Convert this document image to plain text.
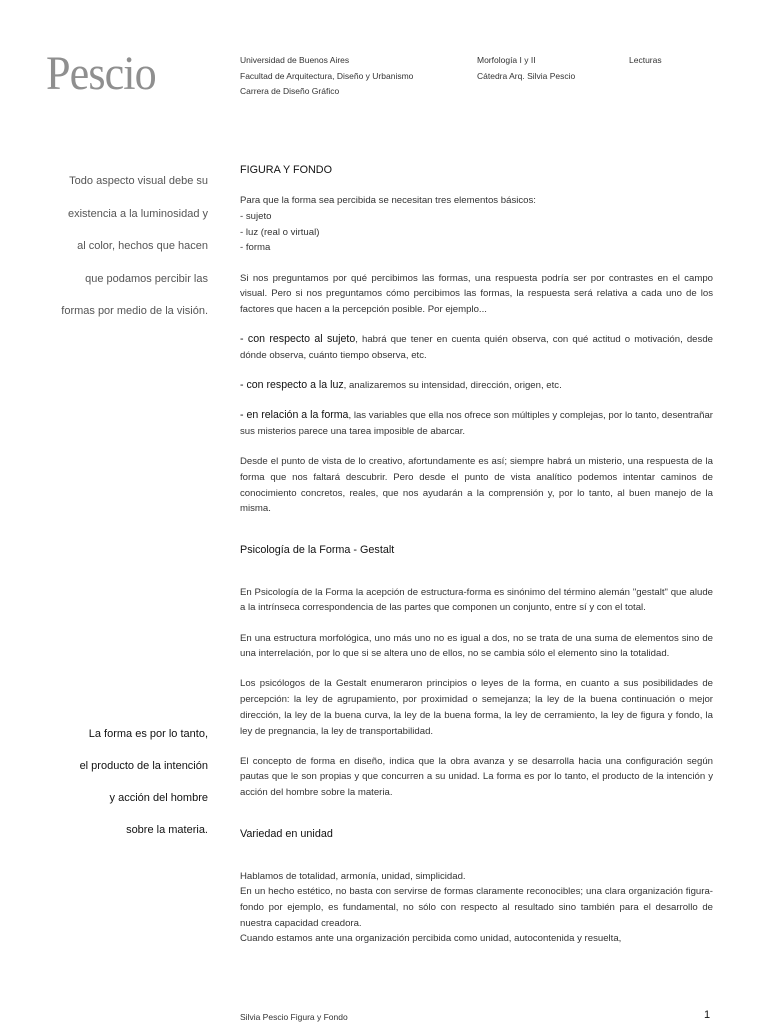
Pescio	Universidad de Buenos Aires
Facultad de Arquitectura, Diseño y Urbanismo
Carrera de Diseño Gráfico
Morfología I y II
Cátedra Arq. Silvia Pescio
Lecturas
Todo aspecto visual debe su
existencia a la luminosidad y
al color, hechos que hacen
que podamos percibir las
formas por medio de la visión.
La forma es por lo tanto,
el producto de la intención
y acción del hombre
sobre la materia.

FIGURA Y FONDO

Para que la forma sea percibida se necesitan tres elementos básicos:

- sujeto

- luz (real o virtual)

- forma

Si nos preguntamos por qué percibimos las formas, una respuesta podría ser por contrastes en el campo visual. Pero si nos preguntamos cómo percibimos las formas, la respuesta será relativa a cada uno de los factores que hacen a la percepción posible. Por ejemplo...

- con respecto al sujeto, habrá que tener en cuenta quién observa, con qué actitud o motivación, desde dónde observa, cuánto tiempo observa, etc.

- con respecto a la luz, analizaremos su intensidad, dirección, origen, etc.

- en relación a la forma, las variables que ella nos ofrece son múltiples y complejas, por lo tanto, desentrañar sus misterios parece una tarea imposible de abarcar.

Desde el punto de vista de lo creativo, afortundamente es así; siempre habrá un misterio, una respuesta de la forma que nos faltará descubrir. Pero desde el punto de vista analítico podemos intentar caminos de conocimiento concretos, reales, que nos ayudarán a la comprensión y, por lo tanto, al buen manejo de la misma.

Psicología de la Forma - Gestalt

En Psicología de la Forma la acepción de estructura-forma es sinónimo del término alemán "gestalt" que alude a la intrínseca correspondencia de las partes que componen un conjunto, entre sí y con el total.

En una estructura morfológica, uno más uno no es igual a dos, no se trata de una suma de elementos sino de una interrelación, por lo que si se altera uno de ellos, no se cambia sólo el elemento sino la totalidad.

Los psicólogos de la Gestalt enumeraron principios o leyes de la forma, en cuanto a sus posibilidades de percepción: la ley de agrupamiento, por proximidad o semejanza; la ley de la buena continuación o mejor dirección, la ley de la buena curva, la ley de la buena forma, la ley de cerramiento, la ley de figura y fondo, la ley de pregnancia, la ley de transportabilidad.

El concepto de forma en diseño, indica que la obra avanza y se desarrolla hacia una configuración según pautas que le son propias y que concurren a su unidad. La forma es por lo tanto, el producto de la intención y acción del hombre sobre la materia.

Variedad en unidad

Hablamos de totalidad, armonía, unidad, simplicidad.

En un hecho estético, no basta con servirse de formas claramente reconocibles; una clara organización figura-fondo por ejemplo, es fundamental, no sólo con respecto al resultado sino también para el desarrollo de nuestra capacidad creadora.

Cuando estamos ante una organización percibida como unidad, autocontenida y resuelta,

Silvia Pescio Figura y Fondo	1
